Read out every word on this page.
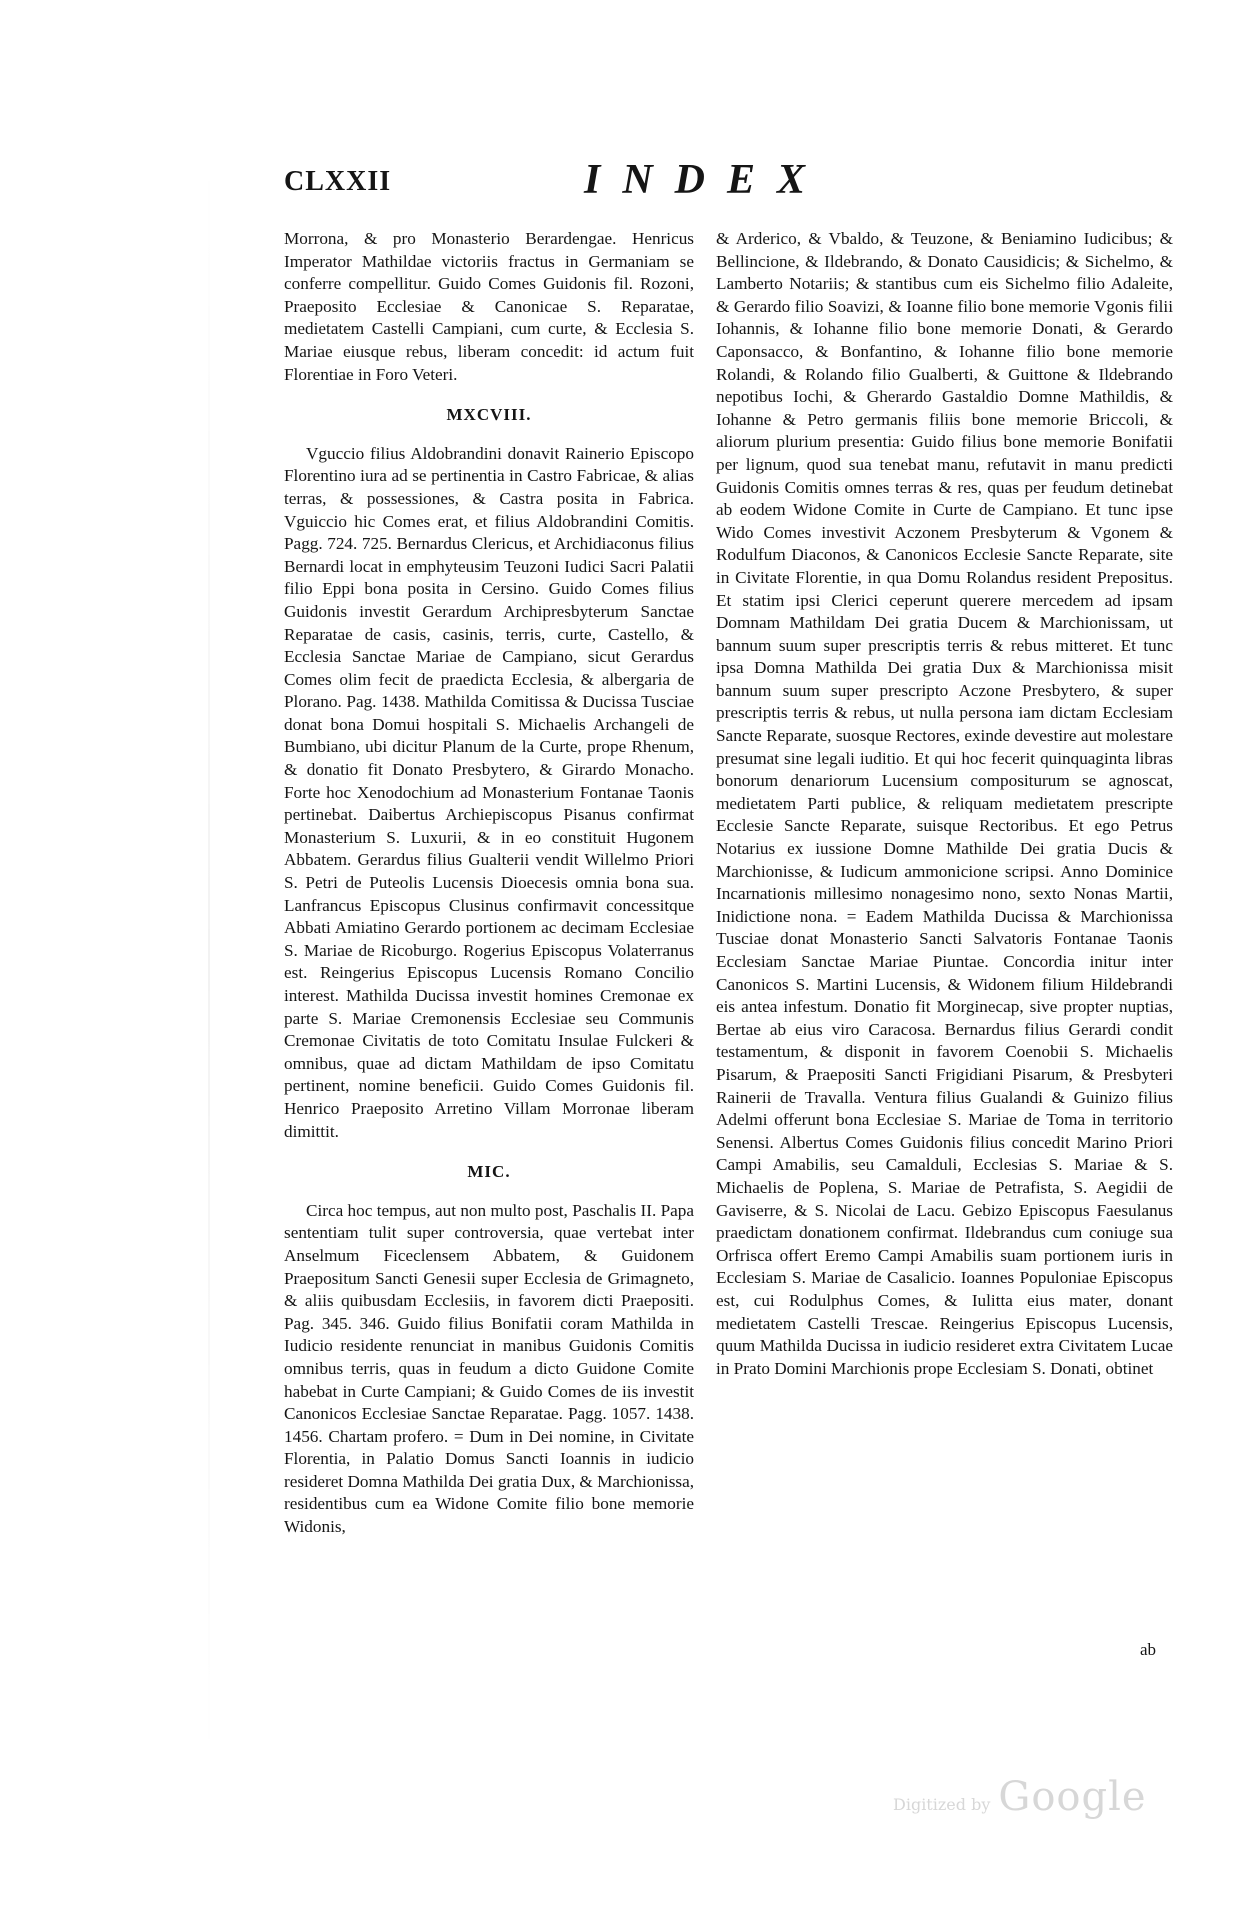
CLXXII	INDEX

Morrona, & pro Monasterio Berardengae. Henricus Imperator Mathildae victoriis fractus in Germaniam se conferre compellitur. Guido Comes Guidonis fil. Rozoni, Praeposito Ecclesiae & Canonicae S. Reparatae, medietatem Castelli Campiani, cum curte, & Ecclesia S. Mariae eiusque rebus, liberam concedit: id actum fuit Florentiae in Foro Veteri.

MXCVIII.

Vguccio filius Aldobrandini donavit Rainerio Episcopo Florentino iura ad se pertinentia in Castro Fabricae, & alias terras, & possessiones, & Castra posita in Fabrica. Vguiccio hic Comes erat, et filius Aldobrandini Comitis. Pagg. 724. 725. Bernardus Clericus, et Archidiaconus filius Bernardi locat in emphyteusim Teuzoni Iudici Sacri Palatii filio Eppi bona posita in Cersino. Guido Comes filius Guidonis investit Gerardum Archipresbyterum Sanctae Reparatae de casis, casinis, terris, curte, Castello, & Ecclesia Sanctae Mariae de Campiano, sicut Gerardus Comes olim fecit de praedicta Ecclesia, & albergaria de Plorano. Pag. 1438. Mathilda Comitissa & Ducissa Tusciae donat bona Domui hospitali S. Michaelis Archangeli de Bumbiano, ubi dicitur Planum de la Curte, prope Rhenum, & donatio fit Donato Presbytero, & Girardo Monacho. Forte hoc Xenodochium ad Monasterium Fontanae Taonis pertinebat. Daibertus Archiepiscopus Pisanus confirmat Monasterium S. Luxurii, & in eo constituit Hugonem Abbatem. Gerardus filius Gualterii vendit Willelmo Priori S. Petri de Puteolis Lucensis Dioecesis omnia bona sua. Lanfrancus Episcopus Clusinus confirmavit concessitque Abbati Amiatino Gerardo portionem ac decimam Ecclesiae S. Mariae de Ricoburgo. Rogerius Episcopus Volaterranus est. Reingerius Episcopus Lucensis Romano Concilio interest. Mathilda Ducissa investit homines Cremonae ex parte S. Mariae Cremonensis Ecclesiae seu Communis Cremonae Civitatis de toto Comitatu Insulae Fulckeri & omnibus, quae ad dictam Mathildam de ipso Comitatu pertinent, nomine beneficii. Guido Comes Guidonis fil. Henrico Praeposito Arretino Villam Morronae liberam dimittit.

MIC.

Circa hoc tempus, aut non multo post, Paschalis II. Papa sententiam tulit super controversia, quae vertebat inter Anselmum Ficeclensem Abbatem, & Guidonem Praepositum Sancti Genesii super Ecclesia de Grimagneto, & aliis quibusdam Ecclesiis, in favorem dicti Praepositi. Pag. 345. 346. Guido filius Bonifatii coram Mathilda in Iudicio residente renunciat in manibus Guidonis Comitis omnibus terris, quas in feudum a dicto Guidone Comite habebat in Curte Campiani; & Guido Comes de iis investit Canonicos Ecclesiae Sanctae Reparatae. Pagg. 1057. 1438. 1456. Chartam profero. = Dum in Dei nomine, in Civitate Florentia, in Palatio Domus Sancti Ioannis in iudicio resideret Domna Mathilda Dei gratia Dux, & Marchionissa, residentibus cum ea Widone Comite filio bone memorie Widonis,

& Arderico, & Vbaldo, & Teuzone, & Beniamino Iudicibus; & Bellincione, & Ildebrando, & Donato Causidicis; & Sichelmo, & Lamberto Notariis; & stantibus cum eis Sichelmo filio Adaleite, & Gerardo filio Soavizi, & Ioanne filio bone memorie Vgonis filii Iohannis, & Iohanne filio bone memorie Donati, & Gerardo Caponsacco, & Bonfantino, & Iohanne filio bone memorie Rolandi, & Rolando filio Gualberti, & Guittone & Ildebrando nepotibus Iochi, & Gherardo Gastaldio Domne Mathildis, & Iohanne & Petro germanis filiis bone memorie Briccoli, & aliorum plurium presentia: Guido filius bone memorie Bonifatii per lignum, quod sua tenebat manu, refutavit in manu predicti Guidonis Comitis omnes terras & res, quas per feudum detinebat ab eodem Widone Comite in Curte de Campiano. Et tunc ipse Wido Comes investivit Aczonem Presbyterum & Vgonem & Rodulfum Diaconos, & Canonicos Ecclesie Sancte Reparate, site in Civitate Florentie, in qua Domu Rolandus resident Prepositus. Et statim ipsi Clerici ceperunt querere mercedem ad ipsam Domnam Mathildam Dei gratia Ducem & Marchionissam, ut bannum suum super prescriptis terris & rebus mitteret. Et tunc ipsa Domna Mathilda Dei gratia Dux & Marchionissa misit bannum suum super prescripto Aczone Presbytero, & super prescriptis terris & rebus, ut nulla persona iam dictam Ecclesiam Sancte Reparate, suosque Rectores, exinde devestire aut molestare presumat sine legali iuditio. Et qui hoc fecerit quinquaginta libras bonorum denariorum Lucensium compositurum se agnoscat, medietatem Parti publice, & reliquam medietatem prescripte Ecclesie Sancte Reparate, suisque Rectoribus. Et ego Petrus Notarius ex iussione Domne Mathilde Dei gratia Ducis & Marchionisse, & Iudicum ammonicione scripsi. Anno Dominice Incarnationis millesimo nonagesimo nono, sexto Nonas Martii, Inidictione nona. = Eadem Mathilda Ducissa & Marchionissa Tusciae donat Monasterio Sancti Salvatoris Fontanae Taonis Ecclesiam Sanctae Mariae Piuntae. Concordia initur inter Canonicos S. Martini Lucensis, & Widonem filium Hildebrandi eis antea infestum. Donatio fit Morginecap, sive propter nuptias, Bertae ab eius viro Caracosa. Bernardus filius Gerardi condit testamentum, & disponit in favorem Coenobii S. Michaelis Pisarum, & Praepositi Sancti Frigidiani Pisarum, & Presbyteri Rainerii de Travalla. Ventura filius Gualandi & Guinizo filius Adelmi offerunt bona Ecclesiae S. Mariae de Toma in territorio Senensi. Albertus Comes Guidonis filius concedit Marino Priori Campi Amabilis, seu Camalduli, Ecclesias S. Mariae & S. Michaelis de Poplena, S. Mariae de Petrafista, S. Aegidii de Gaviserre, & S. Nicolai de Lacu. Gebizo Episcopus Faesulanus praedictam donationem confirmat. Ildebrandus cum coniuge sua Orfrisca offert Eremo Campi Amabilis suam portionem iuris in Ecclesiam S. Mariae de Casalicio. Ioannes Populoniae Episcopus est, cui Rodulphus Comes, & Iulitta eius mater, donant medietatem Castelli Trescae. Reingerius Episcopus Lucensis, quum Mathilda Ducissa in iudicio resideret extra Civitatem Lucae in Prato Domini Marchionis prope Ecclesiam S. Donati, obtinet

ab
Digitized by Google
